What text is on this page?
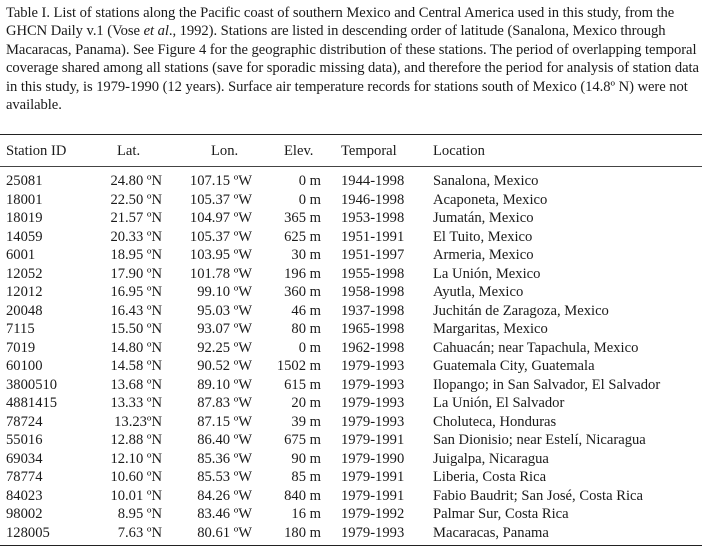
Table I. List of stations along the Pacific coast of southern Mexico and Central America used in this study, from the GHCN Daily v.1 (Vose et al., 1992). Stations are listed in descending order of latitude (Sanalona, Mexico through Macaracas, Panama). See Figure 4 for the geographic distribution of these stations. The period of overlapping temporal coverage shared among all stations (save for sporadic missing data), and therefore the period for analysis of station data in this study, is 1979-1990 (12 years). Surface air temperature records for stations south of Mexico (14.8º N) were not available.
Station ID	Lat.	Lon.	Elev. Temporal Location
25081	24.80 ºN 107.15 ºW	0 m 1944-1998 Sanalona, Mexico
18001	22.50 ºN 105.37 ºW	0 m 1946-1998 Acaponeta, Mexico
18019	21.57 ºN 104.97 ºW 365 m 1953-1998 Jumatán, Mexico
14059	20.33 ºN 105.37 ºW 625 m 1951-1991 El Tuito, Mexico
6001	18.95 ºN 103.95 ºW	30 m 1951-1997 Armeria, Mexico
12052	17.90 ºN 101.78 ºW 196 m 1955-1998 La Unión, Mexico
12012	16.95 ºN 99.10 ºW 360 m 1958-1998 Ayutla, Mexico
20048	16.43 ºN 95.03 ºW	46 m 1937-1998 Juchitán de Zaragoza, Mexico
7115	15.50 ºN 93.07 ºW	80 m 1965-1998 Margaritas, Mexico
7019	14.80 ºN 92.25 ºW	0 m 1962-1998 Cahuacán; near Tapachula, Mexico
60100	14.58 ºN 90.52 ºW 1502 m 1979-1993 Guatemala City, Guatemala
3800510	13.68 ºN 89.10 ºW 615 m 1979-1993 Ilopango; in San Salvador, El Salvador
4881415	13.33 ºN 87.83 ºW	20 m 1979-1993 La Unión, El Salvador
78724	13.23ºN 87.15 ºW	39 m 1979-1993 Choluteca, Honduras
55016	12.88 ºN 86.40 ºW 675 m 1979-1991 San Dionisio; near Estelí, Nicaragua
69034	12.10 ºN 85.36 ºW	90 m 1979-1990 Juigalpa, Nicaragua
78774	10.60 ºN 85.53 ºW	85 m 1979-1991 Liberia, Costa Rica
84023	10.01 ºN 84.26 ºW 840 m 1979-1991 Fabio Baudrit; San José, Costa Rica
98002	8.95 ºN 83.46 ºW	16 m 1979-1992 Palmar Sur, Costa Rica
128005	7.63 ºN 80.61 ºW 180 m 1979-1993 Macaracas, Panama
